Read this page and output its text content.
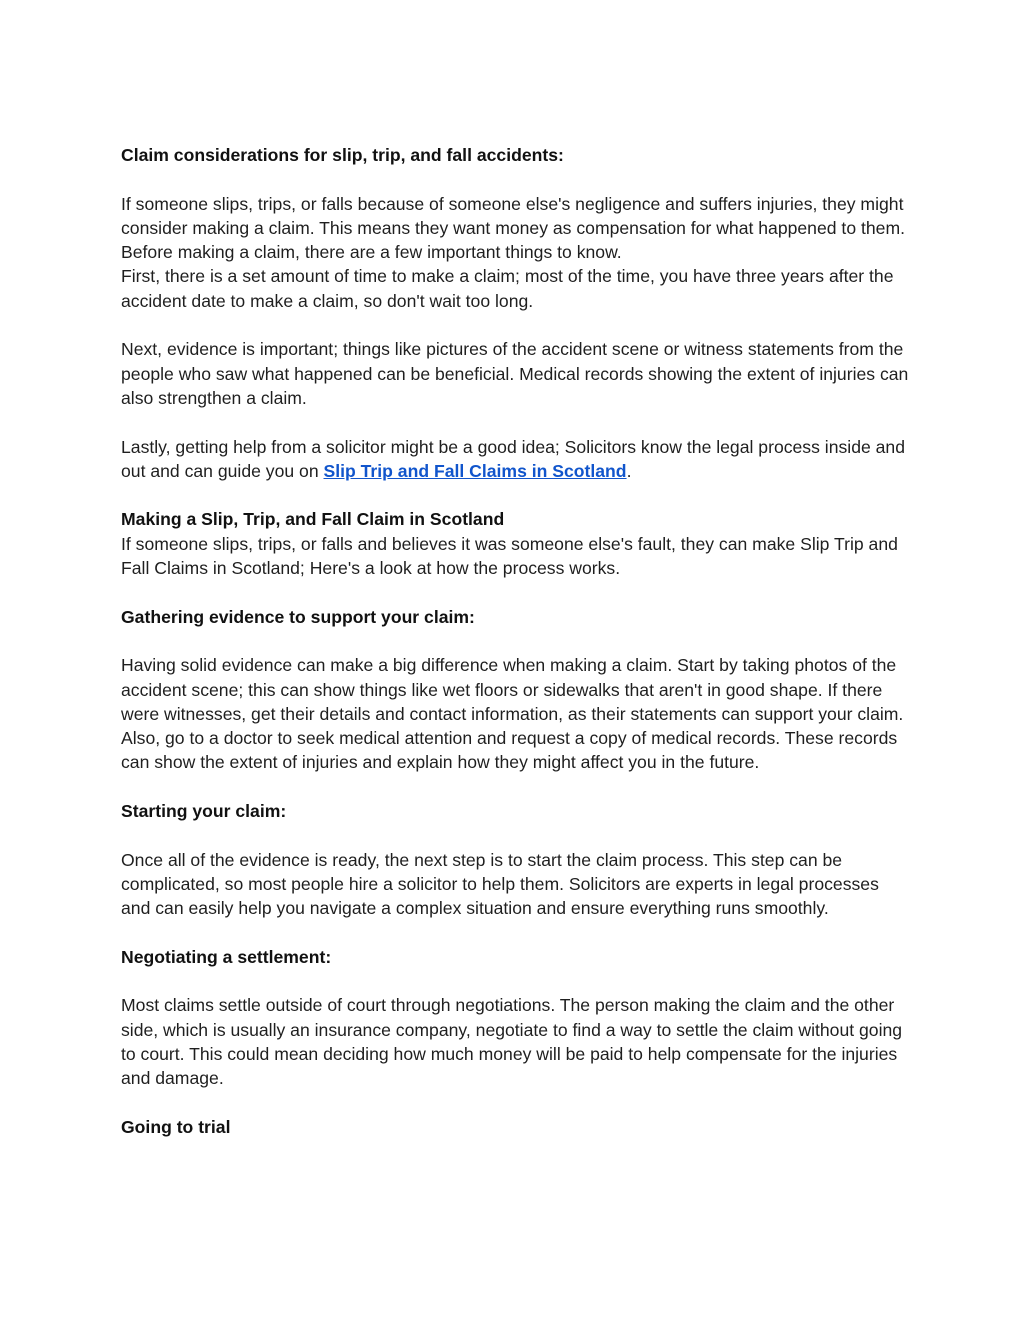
Claim considerations for slip, trip, and fall accidents:

If someone slips, trips, or falls because of someone else's negligence and suffers injuries, they might consider making a claim. This means they want money as compensation for what happened to them. Before making a claim, there are a few important things to know.

First, there is a set amount of time to make a claim; most of the time, you have three years after the accident date to make a claim, so don't wait too long.

Next, evidence is important; things like pictures of the accident scene or witness statements from the people who saw what happened can be beneficial. Medical records showing the extent of injuries can also strengthen a claim.

Lastly, getting help from a solicitor might be a good idea; Solicitors know the legal process inside and out and can guide you on Slip Trip and Fall Claims in Scotland.

Making a Slip, Trip, and Fall Claim in Scotland

If someone slips, trips, or falls and believes it was someone else's fault, they can make Slip Trip and Fall Claims in Scotland; Here's a look at how the process works.

Gathering evidence to support your claim:

Having solid evidence can make a big difference when making a claim. Start by taking photos of the accident scene; this can show things like wet floors or sidewalks that aren't in good shape. If there were witnesses, get their details and contact information, as their statements can support your claim. Also, go to a doctor to seek medical attention and request a copy of medical records. These records can show the extent of injuries and explain how they might affect you in the future.

Starting your claim:

Once all of the evidence is ready, the next step is to start the claim process. This step can be complicated, so most people hire a solicitor to help them. Solicitors are experts in legal processes and can easily help you navigate a complex situation and ensure everything runs smoothly.

Negotiating a settlement:

Most claims settle outside of court through negotiations. The person making the claim and the other side, which is usually an insurance company, negotiate to find a way to settle the claim without going to court. This could mean deciding how much money will be paid to help compensate for the injuries and damage.

Going to trial
